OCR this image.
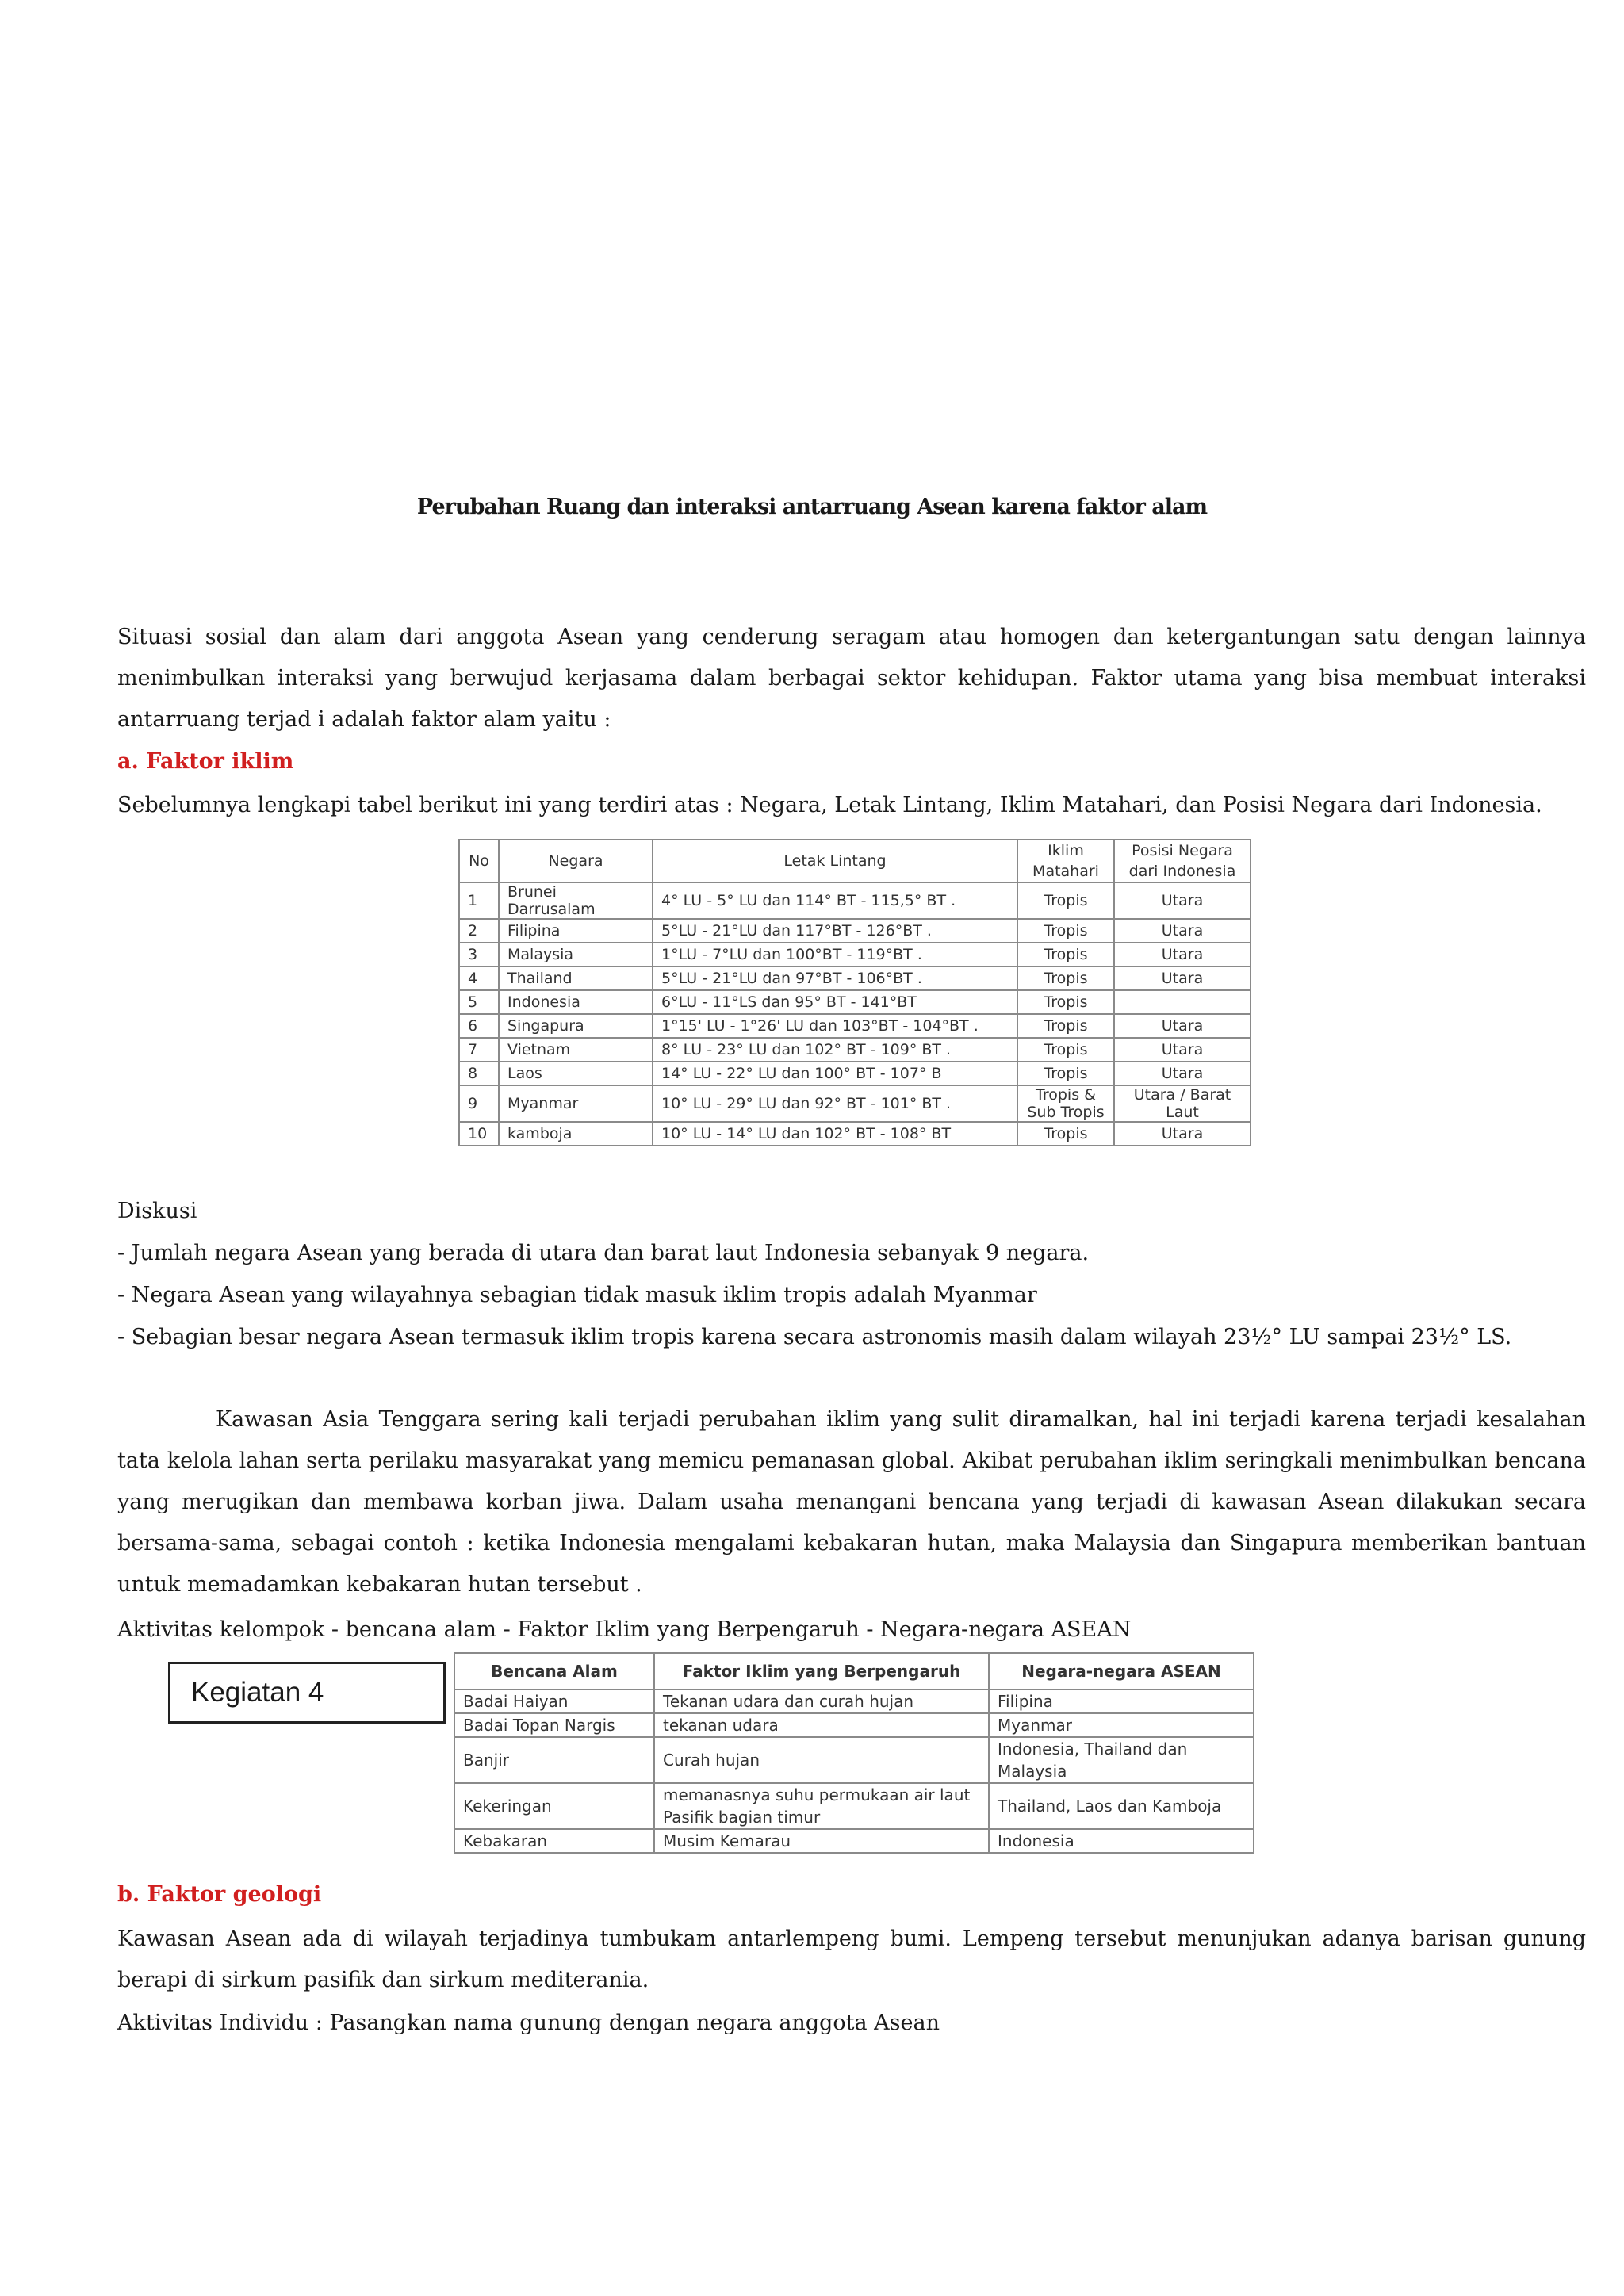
Perubahan Ruang dan interaksi antarruang Asean karena faktor alam
Situasi sosial dan alam dari anggota Asean yang cenderung seragam atau homogen dan ketergantungan satu dengan lainnya menimbulkan interaksi yang berwujud kerjasama dalam berbagai sektor kehidupan. Faktor utama yang bisa membuat interaksi antarruang terjad i adalah faktor alam yaitu :
a. Faktor iklim
Sebelumnya lengkapi tabel berikut ini yang terdiri atas : Negara, Letak Lintang, Iklim Matahari, dan Posisi Negara dari Indonesia.
No	Negara	Letak Lintang	Iklim Matahari	Posisi Negara dari Indonesia
1	Brunei Darrusalam	4° LU - 5° LU dan 114° BT - 115,5° BT .	Tropis	Utara
2	Filipina	5°LU - 21°LU dan 117°BT - 126°BT .	Tropis	Utara
3	Malaysia	1°LU - 7°LU dan 100°BT - 119°BT .	Tropis	Utara
4	Thailand	5°LU - 21°LU dan 97°BT - 106°BT .	Tropis	Utara
5	Indonesia	6°LU - 11°LS dan 95° BT - 141°BT	Tropis	
6	Singapura	1°15' LU - 1°26' LU dan 103°BT - 104°BT .	Tropis	Utara
7	Vietnam	8° LU - 23° LU dan 102° BT - 109° BT .	Tropis	Utara
8	Laos	14° LU - 22° LU dan 100° BT - 107° B	Tropis	Utara
9	Myanmar	10° LU - 29° LU dan 92° BT - 101° BT .	Tropis & Sub Tropis	Utara / Barat Laut
10	kamboja	10° LU - 14° LU dan 102° BT - 108° BT	Tropis	Utara
Diskusi
- Jumlah negara Asean yang berada di utara dan barat laut Indonesia sebanyak 9 negara.
- Negara Asean yang wilayahnya sebagian tidak masuk iklim tropis adalah Myanmar
- Sebagian besar negara Asean termasuk iklim tropis karena secara astronomis masih dalam wilayah 23½° LU sampai 23½° LS.
Kawasan Asia Tenggara sering kali terjadi perubahan iklim yang sulit diramalkan, hal ini terjadi karena terjadi kesalahan tata kelola lahan serta perilaku masyarakat yang memicu pemanasan global. Akibat perubahan iklim seringkali menimbulkan bencana yang merugikan dan membawa korban jiwa. Dalam usaha menangani bencana yang terjadi di kawasan Asean dilakukan secara bersama-sama, sebagai contoh : ketika Indonesia mengalami kebakaran hutan, maka Malaysia dan Singapura memberikan bantuan untuk memadamkan kebakaran hutan tersebut .
Aktivitas kelompok - bencana alam - Faktor Iklim yang Berpengaruh - Negara-negara ASEAN
Kegiatan 4
Bencana Alam	Faktor Iklim yang Berpengaruh	Negara-negara ASEAN
Badai Haiyan	Tekanan udara dan curah hujan	Filipina
Badai Topan Nargis	tekanan udara	Myanmar
Banjir	Curah hujan	Indonesia, Thailand dan Malaysia
Kekeringan	memanasnya suhu permukaan air laut Pasifik bagian timur	Thailand, Laos dan Kamboja
Kebakaran	Musim Kemarau	Indonesia
b. Faktor geologi
Kawasan Asean ada di wilayah terjadinya tumbukam antarlempeng bumi. Lempeng tersebut menunjukan adanya barisan gunung berapi di sirkum pasifik dan sirkum mediterania.
Aktivitas Individu : Pasangkan nama gunung dengan negara anggota Asean
